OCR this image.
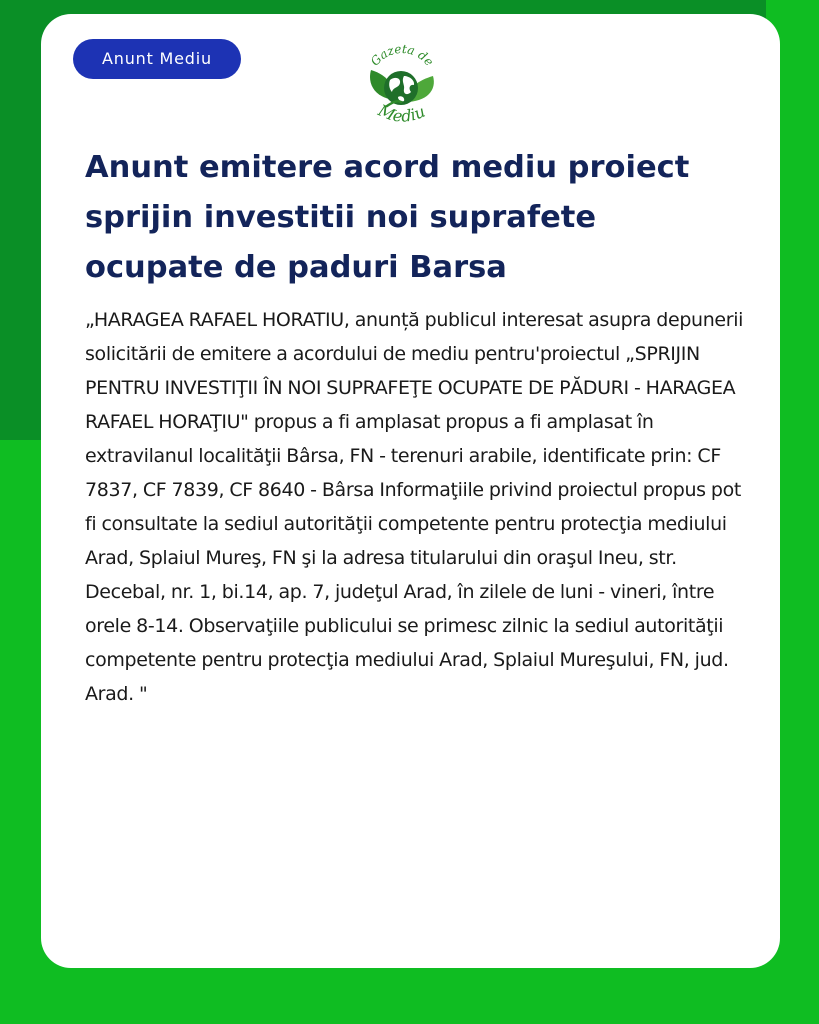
Anunt Mediu	Gazeta de
Mediu
Anunt emitere acord mediu proiect sprijin investitii noi suprafete ocupate de paduri Barsa

„HARAGEA RAFAEL HORATIU, anunță publicul interesat asupra depunerii solicitării de emitere a acordului de mediu pentru'proiectul „SPRIJIN PENTRU INVESTIŢII ÎN NOI SUPRAFEŢE OCUPATE DE PĂDURI - HARAGEA RAFAEL HORAŢIU" propus a fi amplasat propus a fi amplasat în extravilanul localităţii Bârsa, FN - terenuri arabile, identificate prin: CF 7837, CF 7839, CF 8640 - Bârsa Informaţiile privind proiectul propus pot fi consultate la sediul autorităţii competente pentru protecţia mediului Arad, Splaiul Mureş, FN şi la adresa titularului din oraşul Ineu, str. Decebal, nr. 1, bi.14, ap. 7, judeţul Arad, în zilele de luni - vineri, între orele 8-14. Observaţiile publicului se primesc zilnic la sediul autorităţii competente pentru protecţia mediului Arad, Splaiul Mureşului, FN, jud. Arad. "
